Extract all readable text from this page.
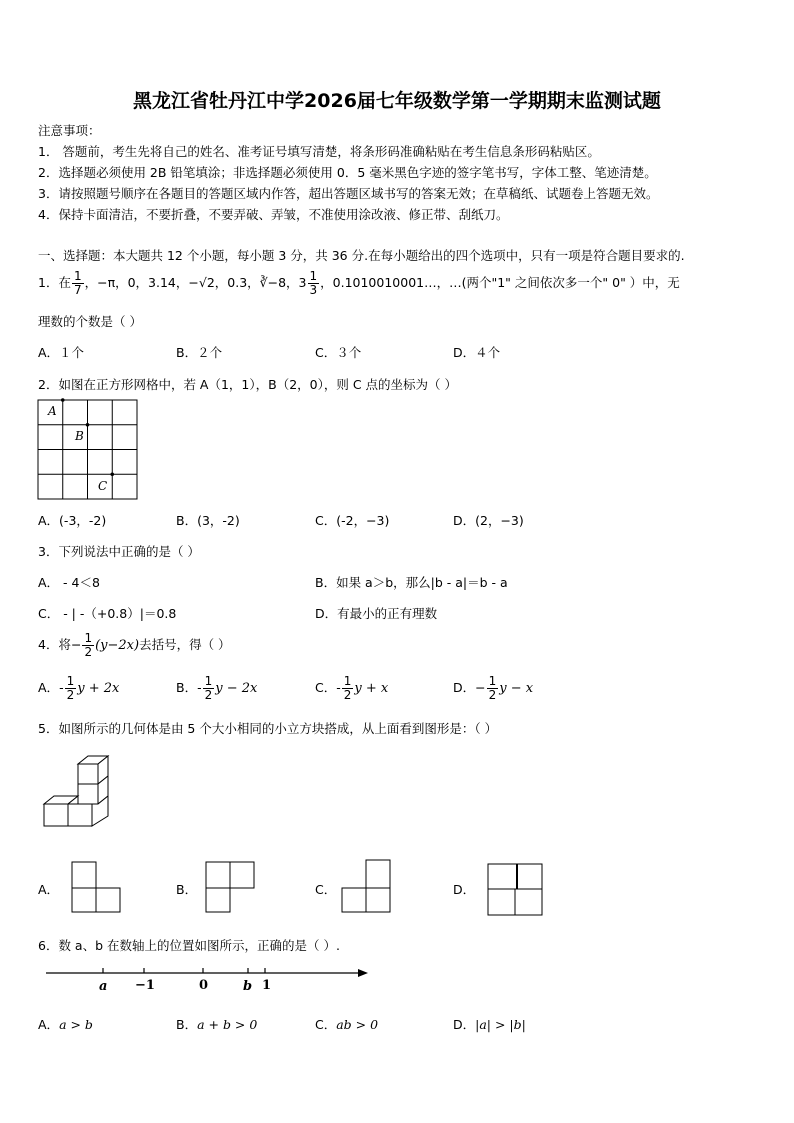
黑龙江省牡丹江中学2026届七年级数学第一学期期末监测试题
注意事项：
1． 答题前，考生先将自己的姓名、准考证号填写清楚，将条形码准确粘贴在考生信息条形码粘贴区。
2．选择题必须使用 2B 铅笔填涂；非选择题必须使用 0．5 毫米黑色字迹的签字笔书写，字体工整、笔迹清楚。
3．请按照题号顺序在各题目的答题区域内作答，超出答题区域书写的答案无效；在草稿纸、试题卷上答题无效。
4．保持卡面清洁，不要折叠，不要弄破、弄皱，不准使用涂改液、修正带、刮纸刀。
一、选择题：本大题共 12 个小题，每小题 3 分，共 36 分.在每小题给出的四个选项中，只有一项是符合题目要求的.
1．在 $\frac{1}{7}$ ，−π，0，3.14，−√2，0.3，∛−8，$3 \frac{1}{3}$ ，0.1010010001…，…(两个"1" 之间依次多一个" 0" ）中，无
理数的个数是（ ）
A．１个	B．２个	C．３个	D．４个
2．如图在正方形网格中，若 A（1，1），B（2，0），则 C 点的坐标为（ ）
A
B
C
A．(-3，-2)	B．(3，-2)	C．(-2，−3)	D．(2，−3)
3．下列说法中正确的是（ ）
A． - 4＜8	B．如果 a＞b，那么|b - a|＝b - a
C． - | -（+0.8）|＝0.8	D．有最小的正有理数
4．将− $\frac{1}{2} (y-2x)$去括号，得（ ）
A．- $\frac{1}{2}$ y + 2x	B．- $\frac{1}{2}$ y − 2x	C．- $\frac{1}{2}$ y + x	D．− $\frac{1}{2}$ y − x
5．如图所示的几何体是由 5 个大小相同的小立方块搭成，从上面看到图形是：（ ）
A．	B．	C．	D．
6．数 a、b 在数轴上的位置如图所示，正确的是（ ）.
a −1	0	b 1
A．a > b	B．a + b > 0	C．ab > 0	D．|a| > |b|
